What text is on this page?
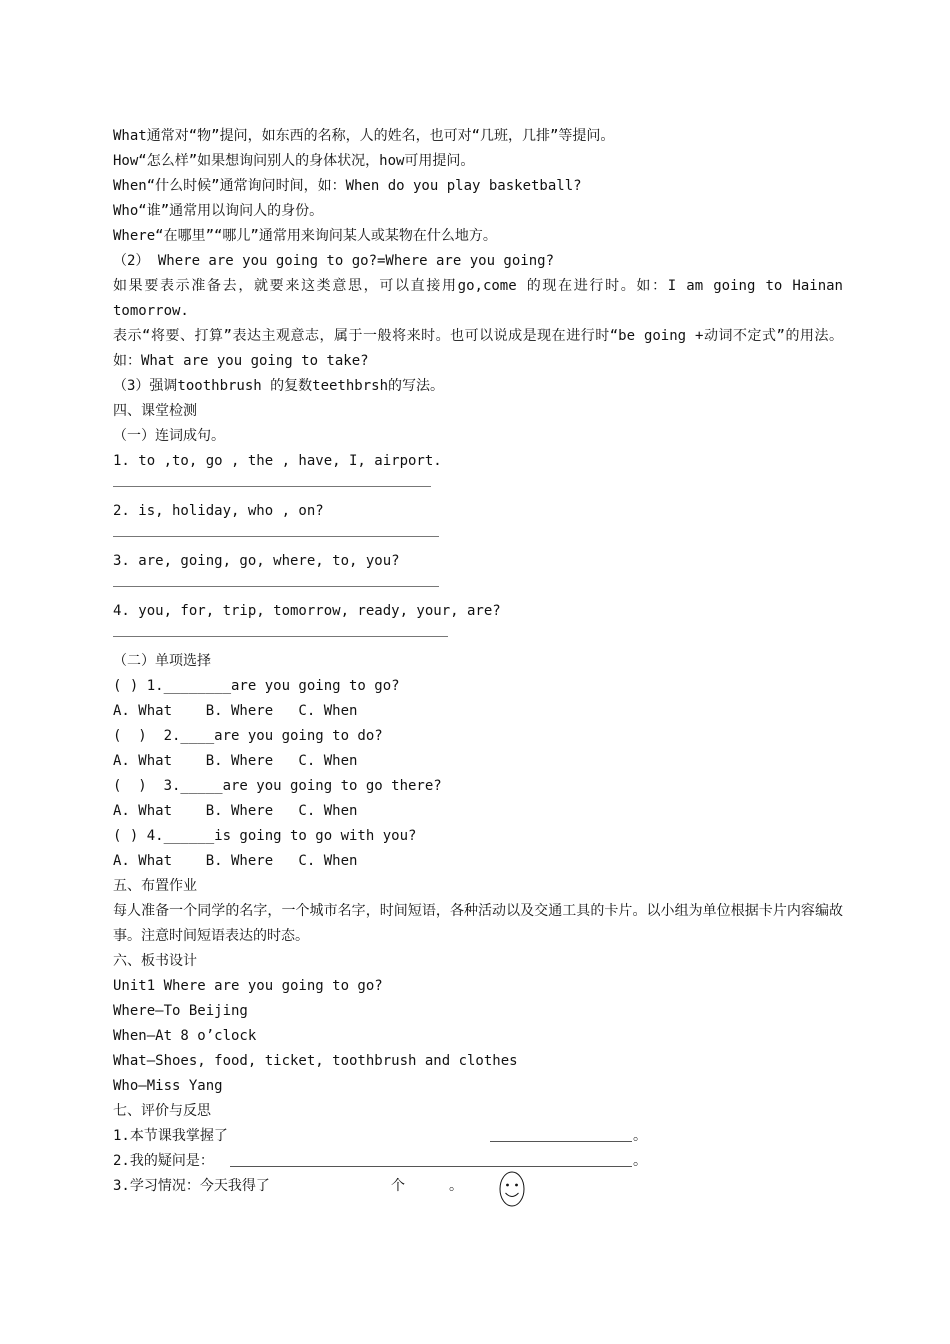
What通常对“物”提问，如东西的名称，人的姓名，也可对“几班，几排”等提问。
How“怎么样”如果想询问别人的身体状况，how可用提问。
When“什么时候”通常询问时间，如：When do you play basketball?
Who“谁”通常用以询问人的身份。
Where“在哪里”“哪儿”通常用来询问某人或某物在什么地方。
（2） Where are you going to go?=Where are you going?
如果要表示准备去，就要来这类意思，可以直接用go,come 的现在进行时。如：I am going to Hainan tomorrow.
表示“将要、打算”表达主观意志，属于一般将来时。也可以说成是现在进行时“be going +动词不定式”的用法。如：What are you going to take?
（3）强调toothbrush 的复数teethbrsh的写法。
四、课堂检测
（一）连词成句。
1. to ,to, go , the , have, I, airport.
2. is, holiday, who , on?
3. are, going, go, where, to, you?
4. you, for, trip, tomorrow, ready, your, are?
（二）单项选择
( ) 1.________are you going to go?
A. What    B. Where   C. When
(  )  2.____are you going to do?
A. What    B. Where   C. When
(  )  3._____are you going to go there?
A. What    B. Where   C. When
( ) 4.______is going to go with you?
A. What    B. Where   C. When
五、布置作业
每人准备一个同学的名字，一个城市名字，时间短语，各种活动以及交通工具的卡片。以小组为单位根据卡片内容编故事。注意时间短语表达的时态。
六、板书设计
Unit1 Where are you going to go?
Where—To Beijing
When—At 8 o’clock
What—Shoes, food, ticket, toothbrush and clothes
Who—Miss Yang
七、评价与反思

1.本节课我掌握了

	。

2.我的疑问是：

	。

3.学习情况：今天我得了

	个

	。
